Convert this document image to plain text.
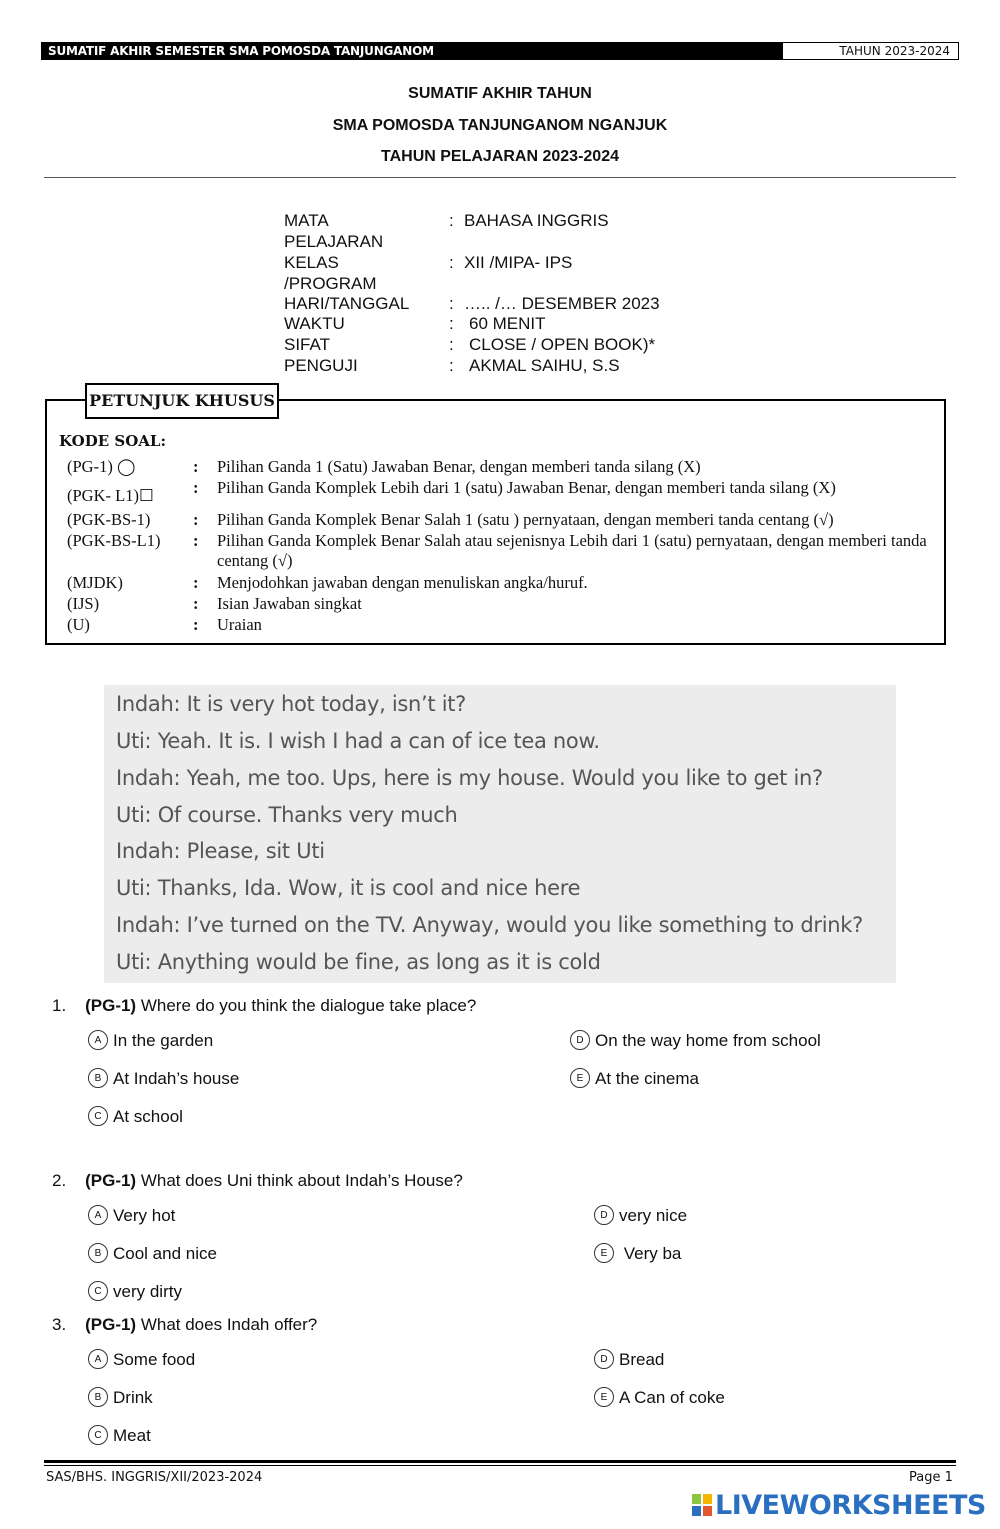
SUMATIF AKHIR SEMESTER SMA POMOSDA TANJUNGANOM	TAHUN 2023-2024
SUMATIF AKHIR TAHUN
SMA POMOSDA TANJUNGANOM NGANJUK
TAHUN PELAJARAN 2023-2024
MATA
PELAJARAN
: BAHASA INGGRIS
KELAS
/PROGRAM
: XII /MIPA- IPS
HARI/TANGGAL : ….. /… DESEMBER 2023
WAKTU	: 60 MENIT
SIFAT	: CLOSE / OPEN BOOK)*
PENGUJI	: AKMAL SAIHU, S.S
PETUNJUK KHUSUS
KODE SOAL:
(PG-1) ◯	: Pilihan Ganda 1 (Satu) Jawaban Benar, dengan memberi tanda silang (X)
(PGK- L1)☐ : Pilihan Ganda Komplek Lebih dari 1 (satu) Jawaban Benar, dengan memberi tanda silang (X)
(PGK-BS-1)	: Pilihan Ganda Komplek Benar Salah 1 (satu ) pernyataan, dengan memberi tanda centang (√)
(PGK-BS-L1) : Pilihan Ganda Komplek Benar Salah atau sejenisnya Lebih dari 1 (satu) pernyataan, dengan memberi tanda centang (√)
(MJDK)	: Menjodohkan jawaban dengan menuliskan angka/huruf.
(IJS)	: Isian Jawaban singkat
(U)	: Uraian
Indah: It is very hot today, isn’t it?
Uti: Yeah. It is. I wish I had a can of ice tea now.
Indah: Yeah, me too. Ups, here is my house. Would you like to get in?
Uti: Of course. Thanks very much
Indah: Please, sit Uti
Uti: Thanks, Ida. Wow, it is cool and nice here
Indah: I’ve turned on the TV. Anyway, would you like something to drink?
Uti: Anything would be fine, as long as it is cold
1. (PG-1) Where do you think the dialogue take place?
A In the garden
B At Indah’s house
C At school
D On the way home from school
E At the cinema
2. (PG-1) What does Uni think about Indah’s House?
A Very hot
B Cool and nice
C very dirty
D very nice
E Very ba
3. (PG-1) What does Indah offer?
A Some food
B Drink
C Meat
D Bread
E A Can of coke
SAS/BHS. INGGRIS/XII/2023-2024	Page 1
LIVEWORKSHEETS
